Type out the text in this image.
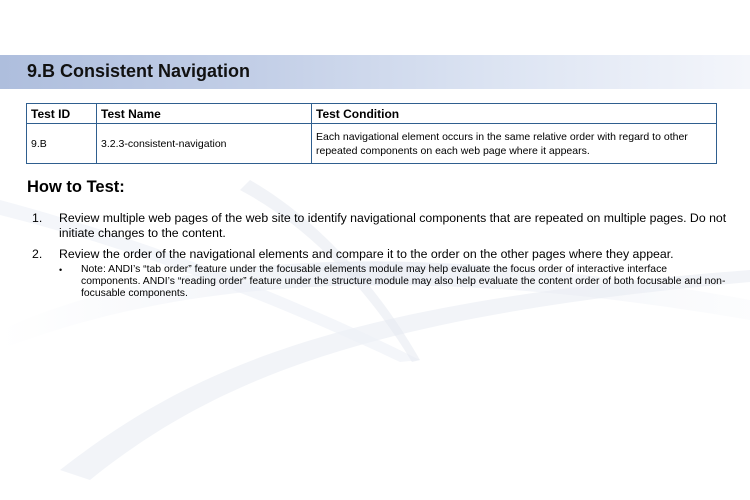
9.B Consistent Navigation
Test ID	Test Name	Test Condition
9.B	3.2.3-consistent-navigation	Each navigational element occurs in the same relative order with regard to other repeated components on each web page where it appears.
How to Test:
1. Review multiple web pages of the web site to identify navigational components that are repeated on multiple pages. Do not initiate changes to the content.
2. Review the order of the navigational elements and compare it to the order on the other pages where they appear.
• Note: ANDI’s “tab order” feature under the focusable elements module may help evaluate the focus order of interactive interface components. ANDI’s “reading order” feature under the structure module may also help evaluate the content order of both focusable and non-focusable components.
